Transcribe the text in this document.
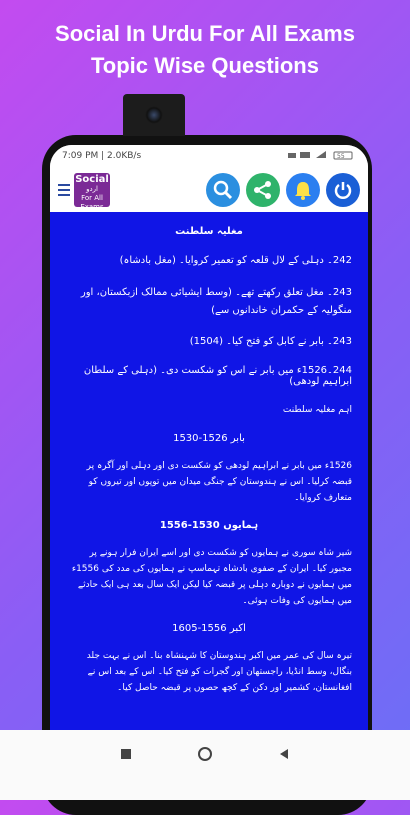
Social In Urdu For All Exams
Topic Wise Questions
7:09 PM | 2.0KB/s	55
Social
اردو
For All Exams

مغلیہ سلطنت

242۔ دہلی کے لال قلعہ کو تعمیر کروایا۔ (مغل بادشاہ)

243۔ مغل تعلق رکھتے تھے۔ (وسط ایشیائی ممالک ازبکستان، اور منگولیہ کے حکمران خاندانوں سے)

243۔ بابر نے کابل کو فتح کیا۔ (1504)

244۔1526ء میں بابر نے اس کو شکست دی۔ (دہلی کے سلطان ابراہیم لودھی)

اہم مغلیہ سلطنت

بابر 1526-1530

1526ء میں بابر نے ابراہیم لودھی کو شکست دی اور دہلی اور آگرہ پر قبضہ کرلیا۔ اس نے ہندوستان کے جنگی میدان میں توپوں اور تیروں کو متعارف کروایا۔

ہمایوں 1530-1556

شیر شاہ سوری نے ہمایوں کو شکست دی اور اسے ایران فرار ہونے پر مجبور کیا۔ ایران کے صفوی بادشاہ تہماسپ نے ہمایوں کی مدد کی 1556ء میں ہمایوں نے دوبارہ دہلی پر قبضہ کیا لیکن ایک سال بعد ہی ایک حادثے میں ہمایوں کی وفات ہوئی۔

اکبر 1556-1605

تیرہ سال کی عمر میں اکبر ہندوستان کا شہنشاہ بنا۔ اس نے بہت جلد بنگال، وسط انڈیا، راجستھان اور گجرات کو فتح کیا۔ اس کے بعد اس نے افغانستان، کشمیر اور دکن کے کچھ حصوں پر قبضہ حاصل کیا۔
